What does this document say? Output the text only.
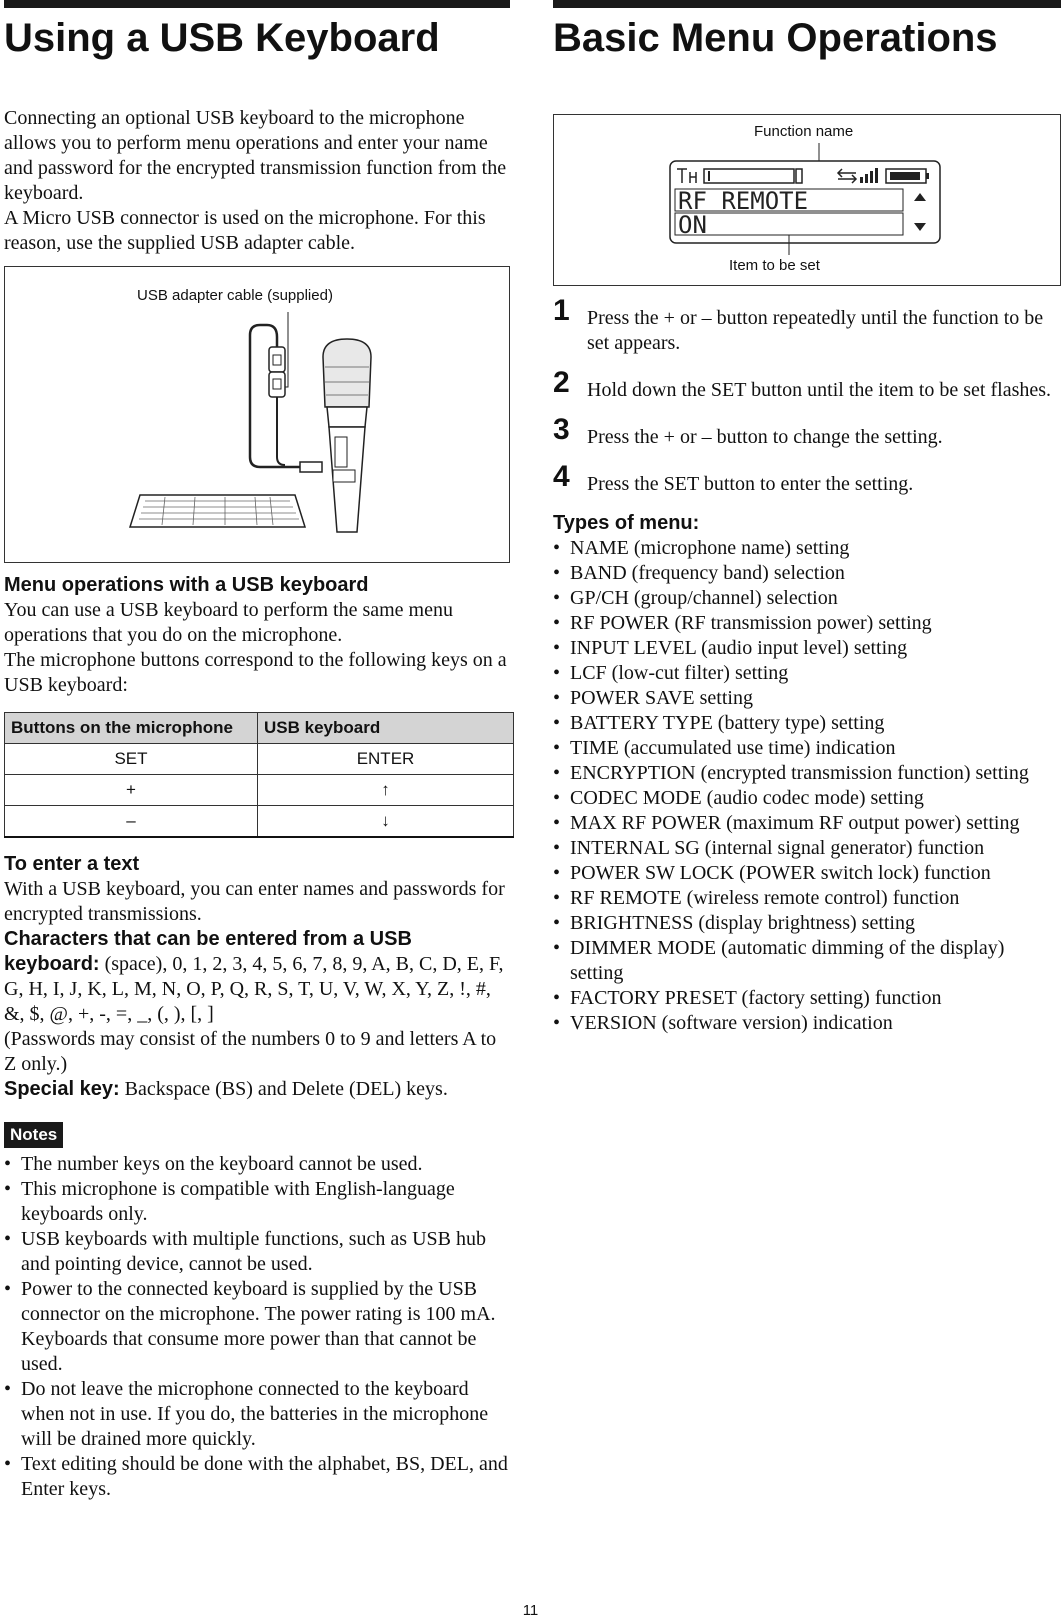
Using a USB Keyboard

Connecting an optional USB keyboard to the microphone allows you to perform menu operations and enter your name and password for the encrypted transmission function from the keyboard.

A Micro USB connector is used on the microphone. For this reason, use the supplied USB adapter cable.

USB adapter cable (supplied)
Menu operations with a USB keyboard

You can use a USB keyboard to perform the same menu operations that you do on the microphone.

The microphone buttons correspond to the following keys on a USB keyboard:

Buttons on the microphone	USB keyboard
SET	ENTER
+	↑
–	↓
To enter a text

With a USB keyboard, you can enter names and passwords for encrypted transmissions.

Characters that can be entered from a USB keyboard: (space), 0, 1, 2, 3, 4, 5, 6, 7, 8, 9, A, B, C, D, E, F, G, H, I, J, K, L, M, N, O, P, Q, R, S, T, U, V, W, X, Y, Z, !, #, &, $, @, +, -, =, _, (, ), [, ]

(Passwords may consist of the numbers 0 to 9 and letters A to Z only.)

Special key: Backspace (BS) and Delete (DEL) keys.

Notes
• The number keys on the keyboard cannot be used.
• This microphone is compatible with English-language keyboards only.
• USB keyboards with multiple functions, such as USB hub and pointing device, cannot be used.
• Power to the connected keyboard is supplied by the USB connector on the microphone. The power rating is 100 mA. Keyboards that consume more power than that cannot be used.
• Do not leave the microphone connected to the keyboard when not in use. If you do, the batteries in the microphone will be drained more quickly.
• Text editing should be done with the alphabet, BS, DEL, and Enter keys.
Basic Menu Operations
Function name
RF REMOTE
ON
Item to be set
1 Press the + or – button repeatedly until the function to be set appears.
2 Hold down the SET button until the item to be set flashes.
3 Press the + or – button to change the setting.
4 Press the SET button to enter the setting.
Types of menu:
• NAME (microphone name) setting
• BAND (frequency band) selection
• GP/CH (group/channel) selection
• RF POWER (RF transmission power) setting
• INPUT LEVEL (audio input level) setting
• LCF (low-cut filter) setting
• POWER SAVE setting
• BATTERY TYPE (battery type) setting
• TIME (accumulated use time) indication
• ENCRYPTION (encrypted transmission function) setting
• CODEC MODE (audio codec mode) setting
• MAX RF POWER (maximum RF output power) setting
• INTERNAL SG (internal signal generator) function
• POWER SW LOCK (POWER switch lock) function
• RF REMOTE (wireless remote control) function
• BRIGHTNESS (display brightness) setting
• DIMMER MODE (automatic dimming of the display) setting
• FACTORY PRESET (factory setting) function
• VERSION (software version) indication
11
